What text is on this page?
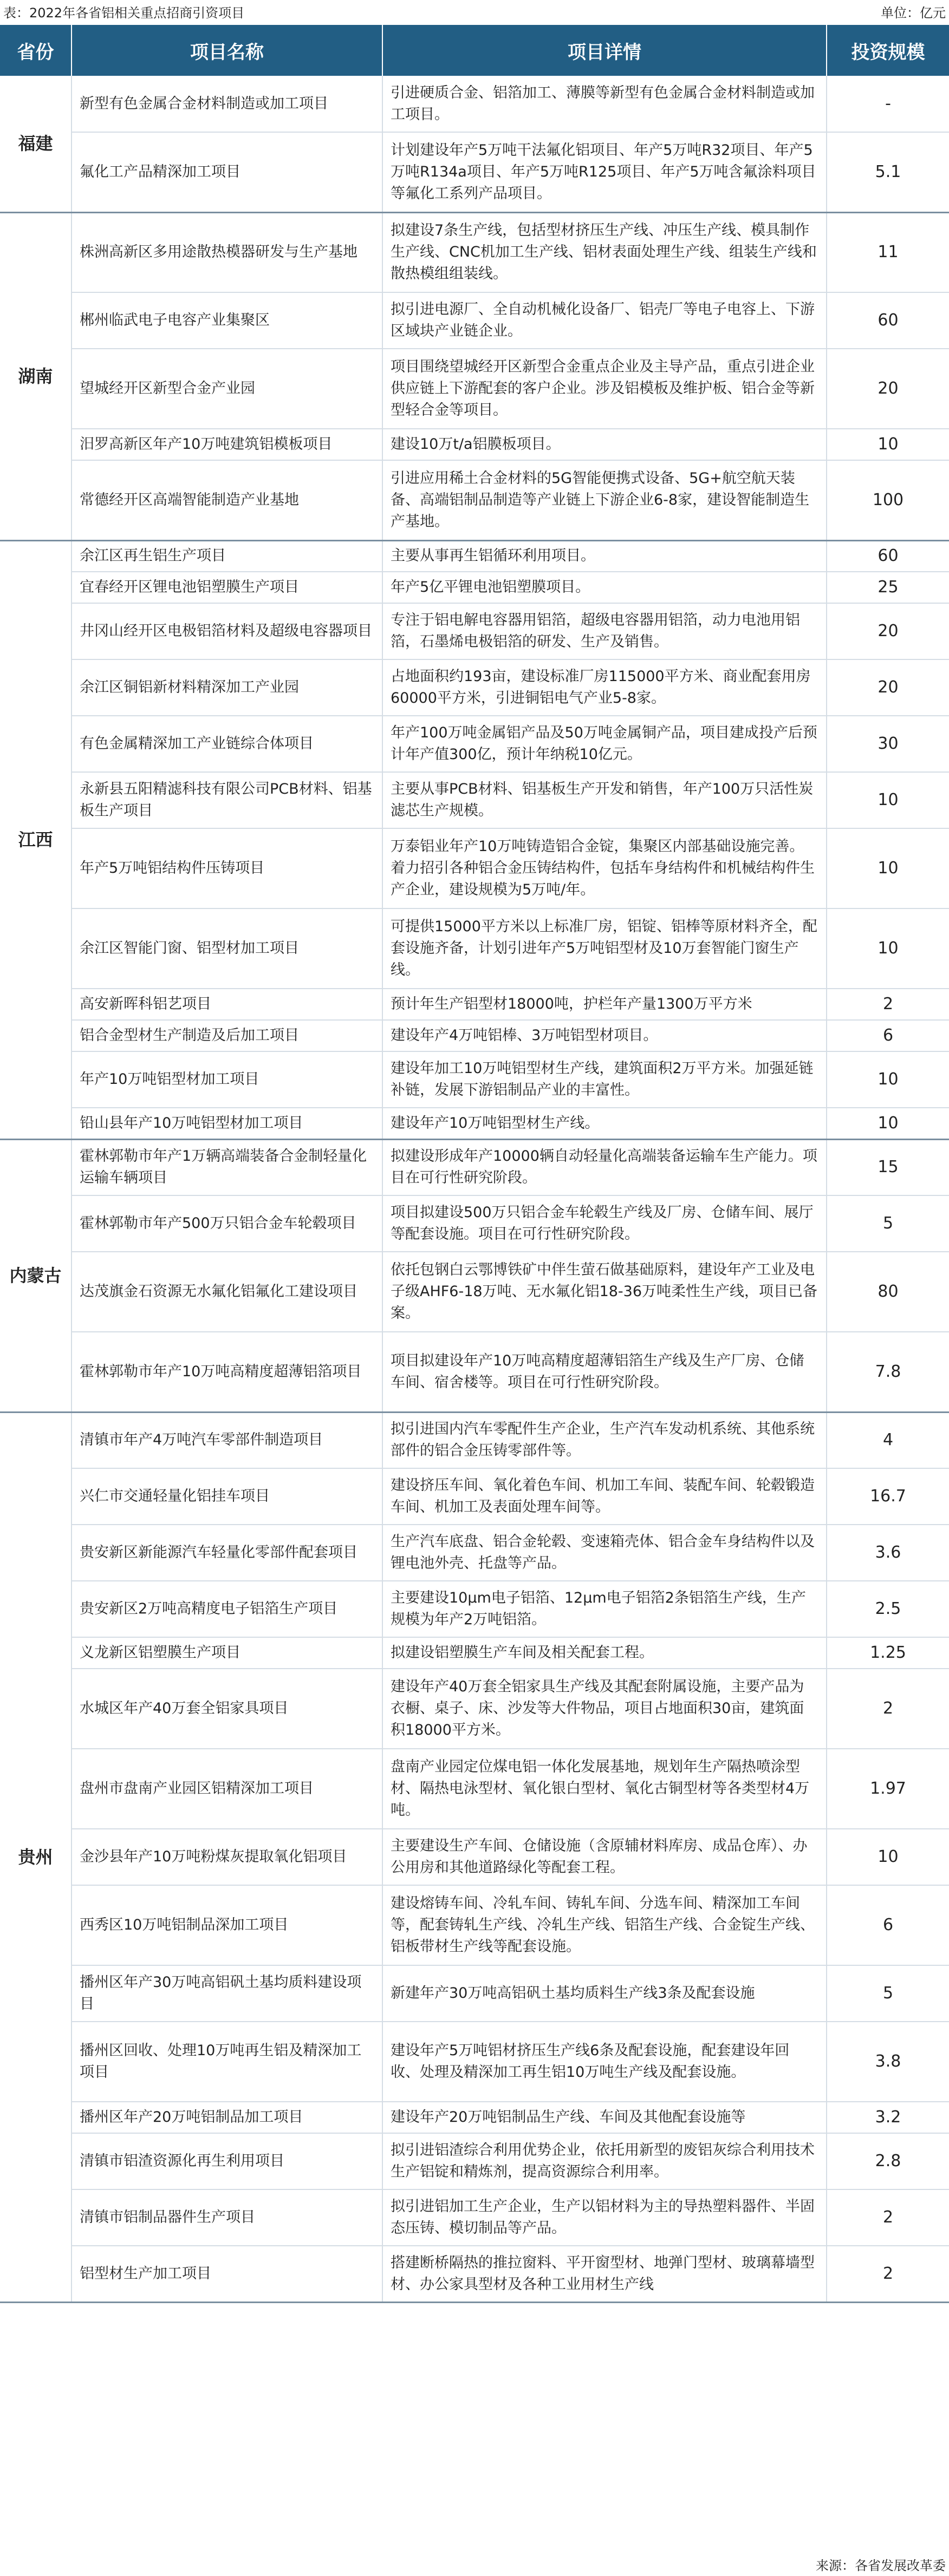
表：2022年各省铝相关重点招商引资项目	单位：亿元
省份	项目名称	项目详情	投资规模
福建	新型有色金属合金材料制造或加工项目	引进硬质合金、铝箔加工、薄膜等新型有色金属合金材料制造或加工项目。	-
	氟化工产品精深加工项目	计划建设年产5万吨干法氟化铝项目、年产5万吨R32项目、年产5万吨R134a项目、年产5万吨R125项目、年产5万吨含氟涂料项目等氟化工系列产品项目。	5.1
湖南	株洲高新区多用途散热模器研发与生产基地	拟建设7条生产线，包括型材挤压生产线、冲压生产线、模具制作生产线、CNC机加工生产线、铝材表面处理生产线、组装生产线和散热模组组装线。	11
	郴州临武电子电容产业集聚区	拟引进电源厂、全自动机械化设备厂、铝壳厂等电子电容上、下游区域块产业链企业。	60
	望城经开区新型合金产业园	项目围绕望城经开区新型合金重点企业及主导产品，重点引进企业供应链上下游配套的客户企业。涉及铝模板及维护板、铝合金等新型轻合金等项目。	20
	汨罗高新区年产10万吨建筑铝模板项目	建设10万t/a铝膜板项目。	10
	常德经开区高端智能制造产业基地	引进应用稀土合金材料的5G智能便携式设备、5G+航空航天装备、高端铝制品制造等产业链上下游企业6-8家，建设智能制造生产基地。	100
江西	余江区再生铝生产项目	主要从事再生铝循环利用项目。	60
	宜春经开区锂电池铝塑膜生产项目	年产5亿平锂电池铝塑膜项目。	25
	井冈山经开区电极铝箔材料及超级电容器项目	专注于铝电解电容器用铝箔，超级电容器用铝箔，动力电池用铝箔，石墨烯电极铝箔的研发、生产及销售。	20
	余江区铜铝新材料精深加工产业园	占地面积约193亩，建设标准厂房115000平方米、商业配套用房60000平方米，引进铜铝电气产业5-8家。	20
	有色金属精深加工产业链综合体项目	年产100万吨金属铝产品及50万吨金属铜产品，项目建成投产后预计年产值300亿，预计年纳税10亿元。	30
	永新县五阳精滤科技有限公司PCB材料、铝基板生产项目	主要从事PCB材料、铝基板生产开发和销售，年产100万只活性炭滤芯生产规模。	10
	年产5万吨铝结构件压铸项目	万泰铝业年产10万吨铸造铝合金锭，集聚区内部基础设施完善。着力招引各种铝合金压铸结构件，包括车身结构件和机械结构件生产企业，建设规模为5万吨/年。	10
	余江区智能门窗、铝型材加工项目	可提供15000平方米以上标准厂房，铝锭、铝棒等原材料齐全，配套设施齐备，计划引进年产5万吨铝型材及10万套智能门窗生产线。	10
	高安新晖科铝艺项目	预计年生产铝型材18000吨，护栏年产量1300万平方米	2
	铝合金型材生产制造及后加工项目	建设年产4万吨铝棒、3万吨铝型材项目。	6
	年产10万吨铝型材加工项目	建设年加工10万吨铝型材生产线，建筑面积2万平方米。加强延链补链，发展下游铝制品产业的丰富性。	10
	铅山县年产10万吨铝型材加工项目	建设年产10万吨铝型材生产线。	10
内蒙古	霍林郭勒市年产1万辆高端装备合金制轻量化运输车辆项目	拟建设形成年产10000辆自动轻量化高端装备运输车生产能力。项目在可行性研究阶段。	15
	霍林郭勒市年产500万只铝合金车轮毂项目	项目拟建设500万只铝合金车轮毂生产线及厂房、仓储车间、展厅等配套设施。项目在可行性研究阶段。	5
	达茂旗金石资源无水氟化铝氟化工建设项目	依托包钢白云鄂博铁矿中伴生萤石做基础原料，建设年产工业及电子级AHF6-18万吨、无水氟化铝18-36万吨柔性生产线，项目已备案。	80
	霍林郭勒市年产10万吨高精度超薄铝箔项目	项目拟建设年产10万吨高精度超薄铝箔生产线及生产厂房、仓储车间、宿舍楼等。项目在可行性研究阶段。	7.8
贵州	清镇市年产4万吨汽车零部件制造项目	拟引进国内汽车零配件生产企业，生产汽车发动机系统、其他系统部件的铝合金压铸零部件等。	4
	兴仁市交通轻量化铝挂车项目	建设挤压车间、氧化着色车间、机加工车间、装配车间、轮毂锻造车间、机加工及表面处理车间等。	16.7
	贵安新区新能源汽车轻量化零部件配套项目	生产汽车底盘、铝合金轮毂、变速箱壳体、铝合金车身结构件以及锂电池外壳、托盘等产品。	3.6
	贵安新区2万吨高精度电子铝箔生产项目	主要建设10μm电子铝箔、12μm电子铝箔2条铝箔生产线，生产规模为年产2万吨铝箔。	2.5
	义龙新区铝塑膜生产项目	拟建设铝塑膜生产车间及相关配套工程。	1.25
	水城区年产40万套全铝家具项目	建设年产40万套全铝家具生产线及其配套附属设施，主要产品为衣橱、桌子、床、沙发等大件物品，项目占地面积30亩，建筑面积18000平方米。	2
	盘州市盘南产业园区铝精深加工项目	盘南产业园定位煤电铝一体化发展基地，规划年生产隔热喷涂型材、隔热电泳型材、氧化银白型材、氧化古铜型材等各类型材4万吨。	1.97
	金沙县年产10万吨粉煤灰提取氧化铝项目	主要建设生产车间、仓储设施（含原辅材料库房、成品仓库）、办公用房和其他道路绿化等配套工程。	10
	西秀区10万吨铝制品深加工项目	建设熔铸车间、冷轧车间、铸轧车间、分选车间、精深加工车间等，配套铸轧生产线、冷轧生产线、铝箔生产线、合金锭生产线、铝板带材生产线等配套设施。	6
	播州区年产30万吨高铝矾土基均质料建设项目	新建年产30万吨高铝矾土基均质料生产线3条及配套设施	5
	播州区回收、处理10万吨再生铝及精深加工项目	建设年产5万吨铝材挤压生产线6条及配套设施，配套建设年回收、处理及精深加工再生铝10万吨生产线及配套设施。	3.8
	播州区年产20万吨铝制品加工项目	建设年产20万吨铝制品生产线、车间及其他配套设施等	3.2
	清镇市铝渣资源化再生利用项目	拟引进铝渣综合利用优势企业，依托用新型的废铝灰综合利用技术生产铝锭和精炼剂，提高资源综合利用率。	2.8
	清镇市铝制品器件生产项目	拟引进铝加工生产企业，生产以铝材料为主的导热塑料器件、半固态压铸、模切制品等产品。	2
	铝型材生产加工项目	搭建断桥隔热的推拉窗料、平开窗型材、地弹门型材、玻璃幕墙型材、办公家具型材及各种工业用材生产线	2
来源：各省发展改革委
